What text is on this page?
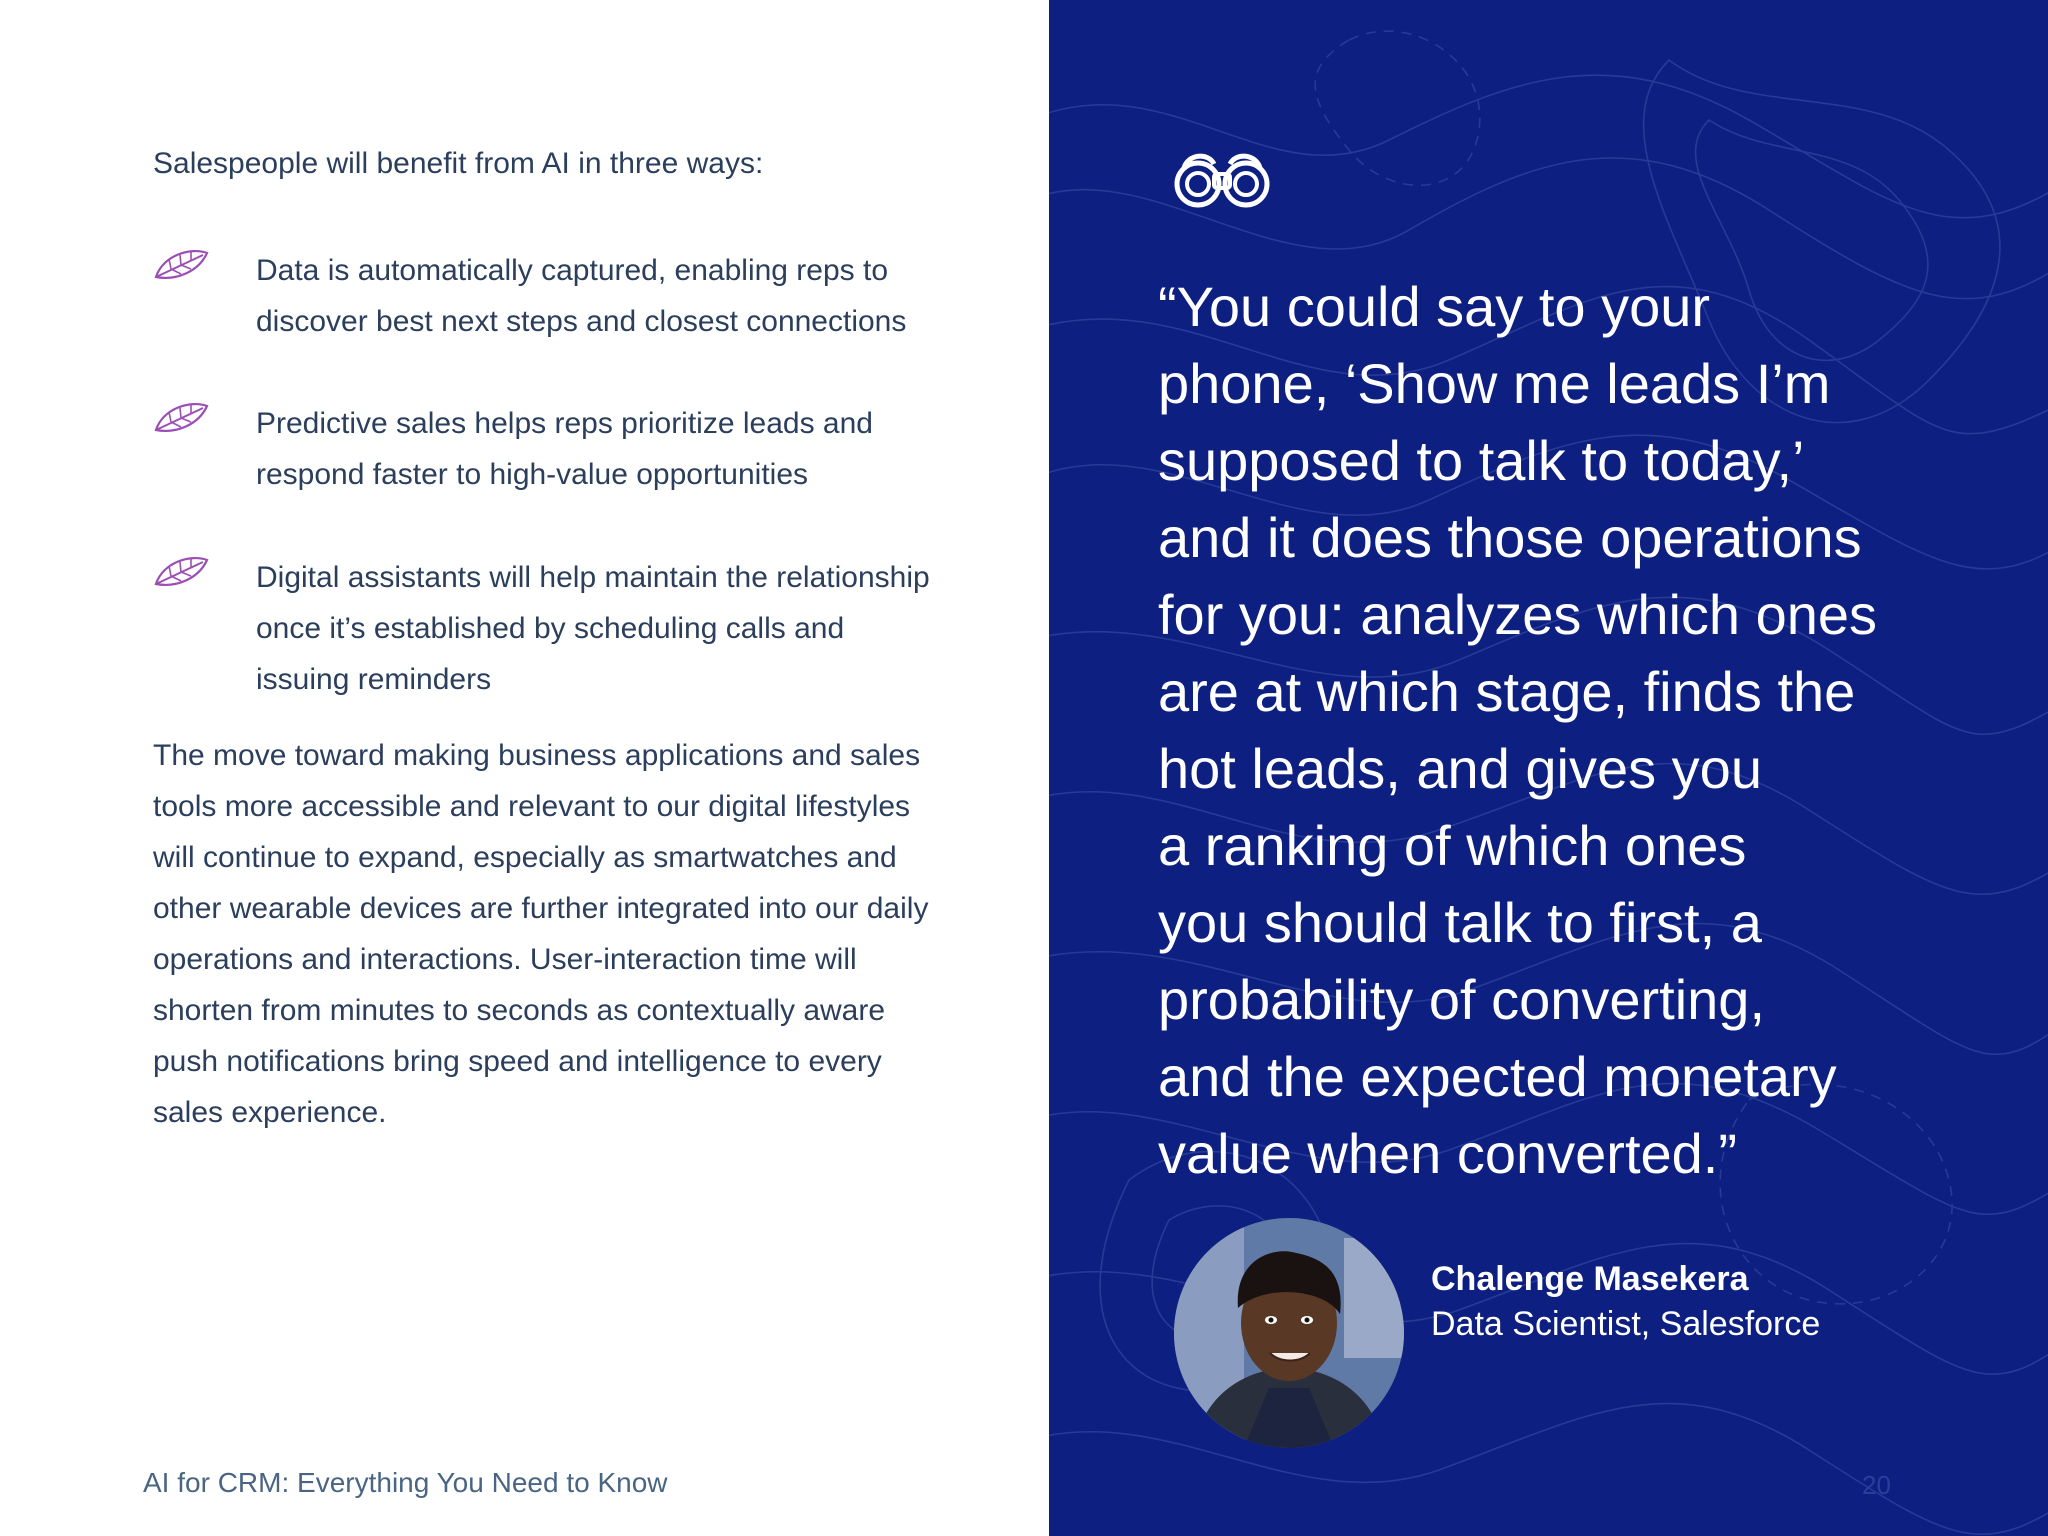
Salespeople will benefit from AI in three ways:
Data is automatically captured, enabling reps to discover best next steps and closest connections
Predictive sales helps reps prioritize leads and respond faster to high-value opportunities
Digital assistants will help maintain the relationship once it’s established by scheduling calls and issuing reminders
The move toward making business applications and sales tools more accessible and relevant to our digital lifestyles will continue to expand, especially as smartwatches and other wearable devices are further integrated into our daily operations and interactions. User-interaction time will shorten from minutes to seconds as contextually aware push notifications bring speed and intelligence to every sales experience.
AI for CRM: Everything You Need to Know
“You could say to your
phone, ‘Show me leads I’m
supposed to talk to today,’
and it does those operations
for you: analyzes which ones
are at which stage, finds the
hot leads, and gives you
a ranking of which ones
you should talk to first, a
probability of converting,
and the expected monetary
value when converted.”
Chalenge Masekera
Data Scientist, Salesforce
20
